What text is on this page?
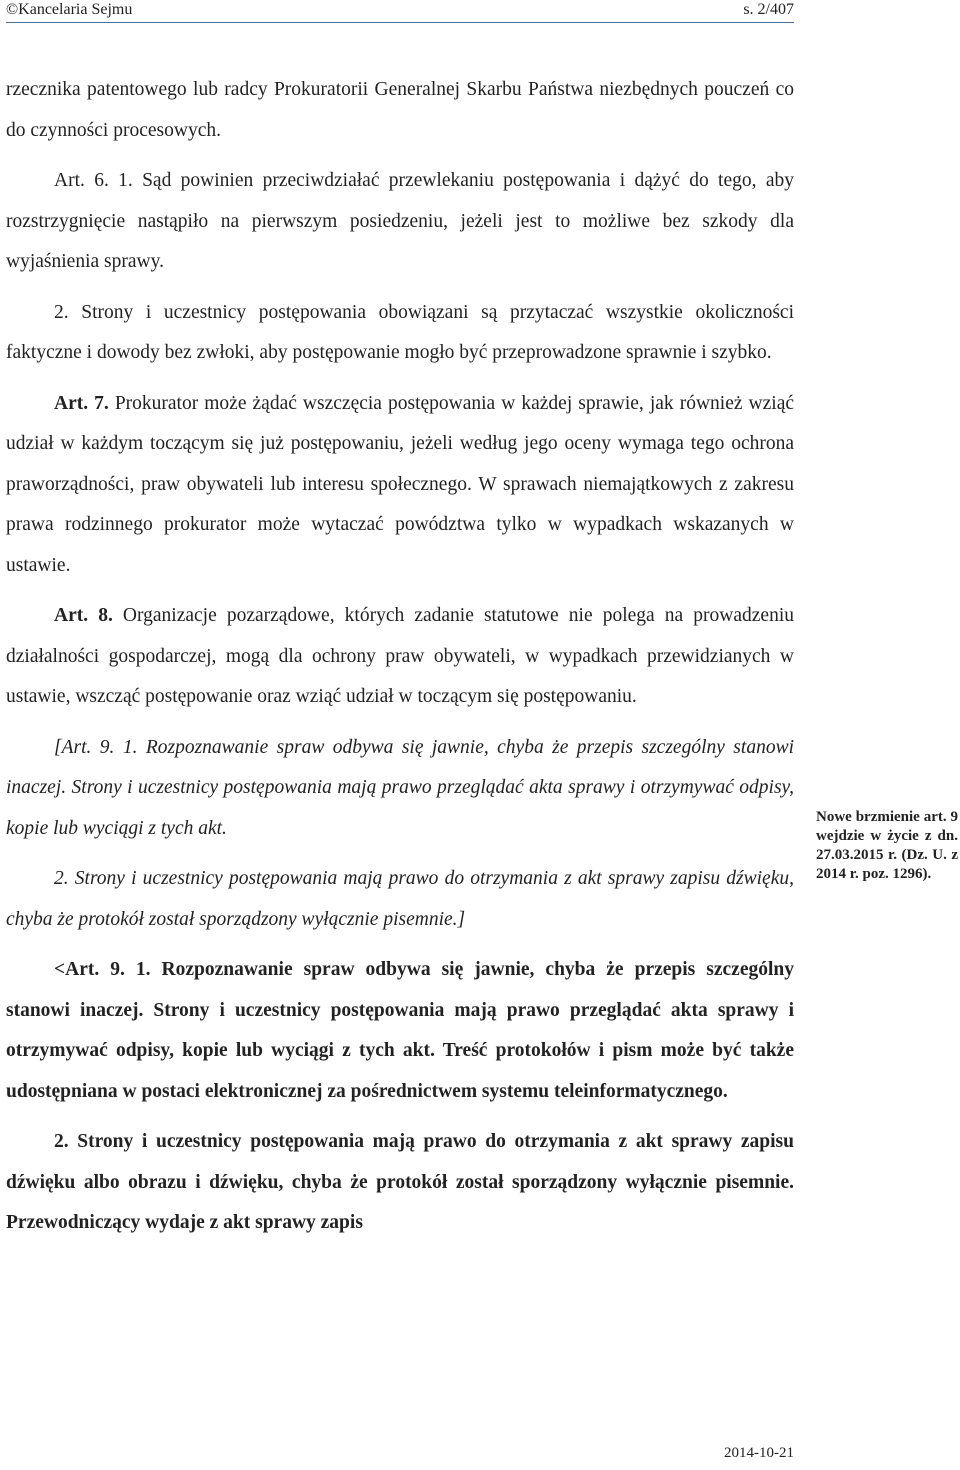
©Kancelaria Sejmu	s. 2/407

rzecznika patentowego lub radcy Prokuratorii Generalnej Skarbu Państwa niezbędnych pouczeń co do czynności procesowych.

Art. 6. 1. Sąd powinien przeciwdziałać przewlekaniu postępowania i dążyć do tego, aby rozstrzygnięcie nastąpiło na pierwszym posiedzeniu, jeżeli jest to możliwe bez szkody dla wyjaśnienia sprawy.

2. Strony i uczestnicy postępowania obowiązani są przytaczać wszystkie okoliczności faktyczne i dowody bez zwłoki, aby postępowanie mogło być przeprowadzone sprawnie i szybko.

Art. 7. Prokurator może żądać wszczęcia postępowania w każdej sprawie, jak również wziąć udział w każdym toczącym się już postępowaniu, jeżeli według jego oceny wymaga tego ochrona praworządności, praw obywateli lub interesu społecznego. W sprawach niemajątkowych z zakresu prawa rodzinnego prokurator może wytaczać powództwa tylko w wypadkach wskazanych w ustawie.

Art. 8. Organizacje pozarządowe, których zadanie statutowe nie polega na prowadzeniu działalności gospodarczej, mogą dla ochrony praw obywateli, w wypadkach przewidzianych w ustawie, wszcząć postępowanie oraz wziąć udział w toczącym się postępowaniu.

[Art. 9. 1. Rozpoznawanie spraw odbywa się jawnie, chyba że przepis szczególny stanowi inaczej. Strony i uczestnicy postępowania mają prawo przeglądać akta sprawy i otrzymywać odpisy, kopie lub wyciągi z tych akt.

2. Strony i uczestnicy postępowania mają prawo do otrzymania z akt sprawy zapisu dźwięku, chyba że protokół został sporządzony wyłącznie pisemnie.]

<Art. 9. 1. Rozpoznawanie spraw odbywa się jawnie, chyba że przepis szczególny stanowi inaczej. Strony i uczestnicy postępowania mają prawo przeglądać akta sprawy i otrzymywać odpisy, kopie lub wyciągi z tych akt. Treść protokołów i pism może być także udostępniana w postaci elektronicznej za pośrednictwem systemu teleinformatycznego.

2. Strony i uczestnicy postępowania mają prawo do otrzymania z akt sprawy zapisu dźwięku albo obrazu i dźwięku, chyba że protokół został sporządzony wyłącznie pisemnie. Przewodniczący wydaje z akt sprawy zapis

Nowe brzmienie art. 9 wejdzie w życie z dn. 27.03.2015 r. (Dz. U. z 2014 r. poz. 1296).
2014-10-21
